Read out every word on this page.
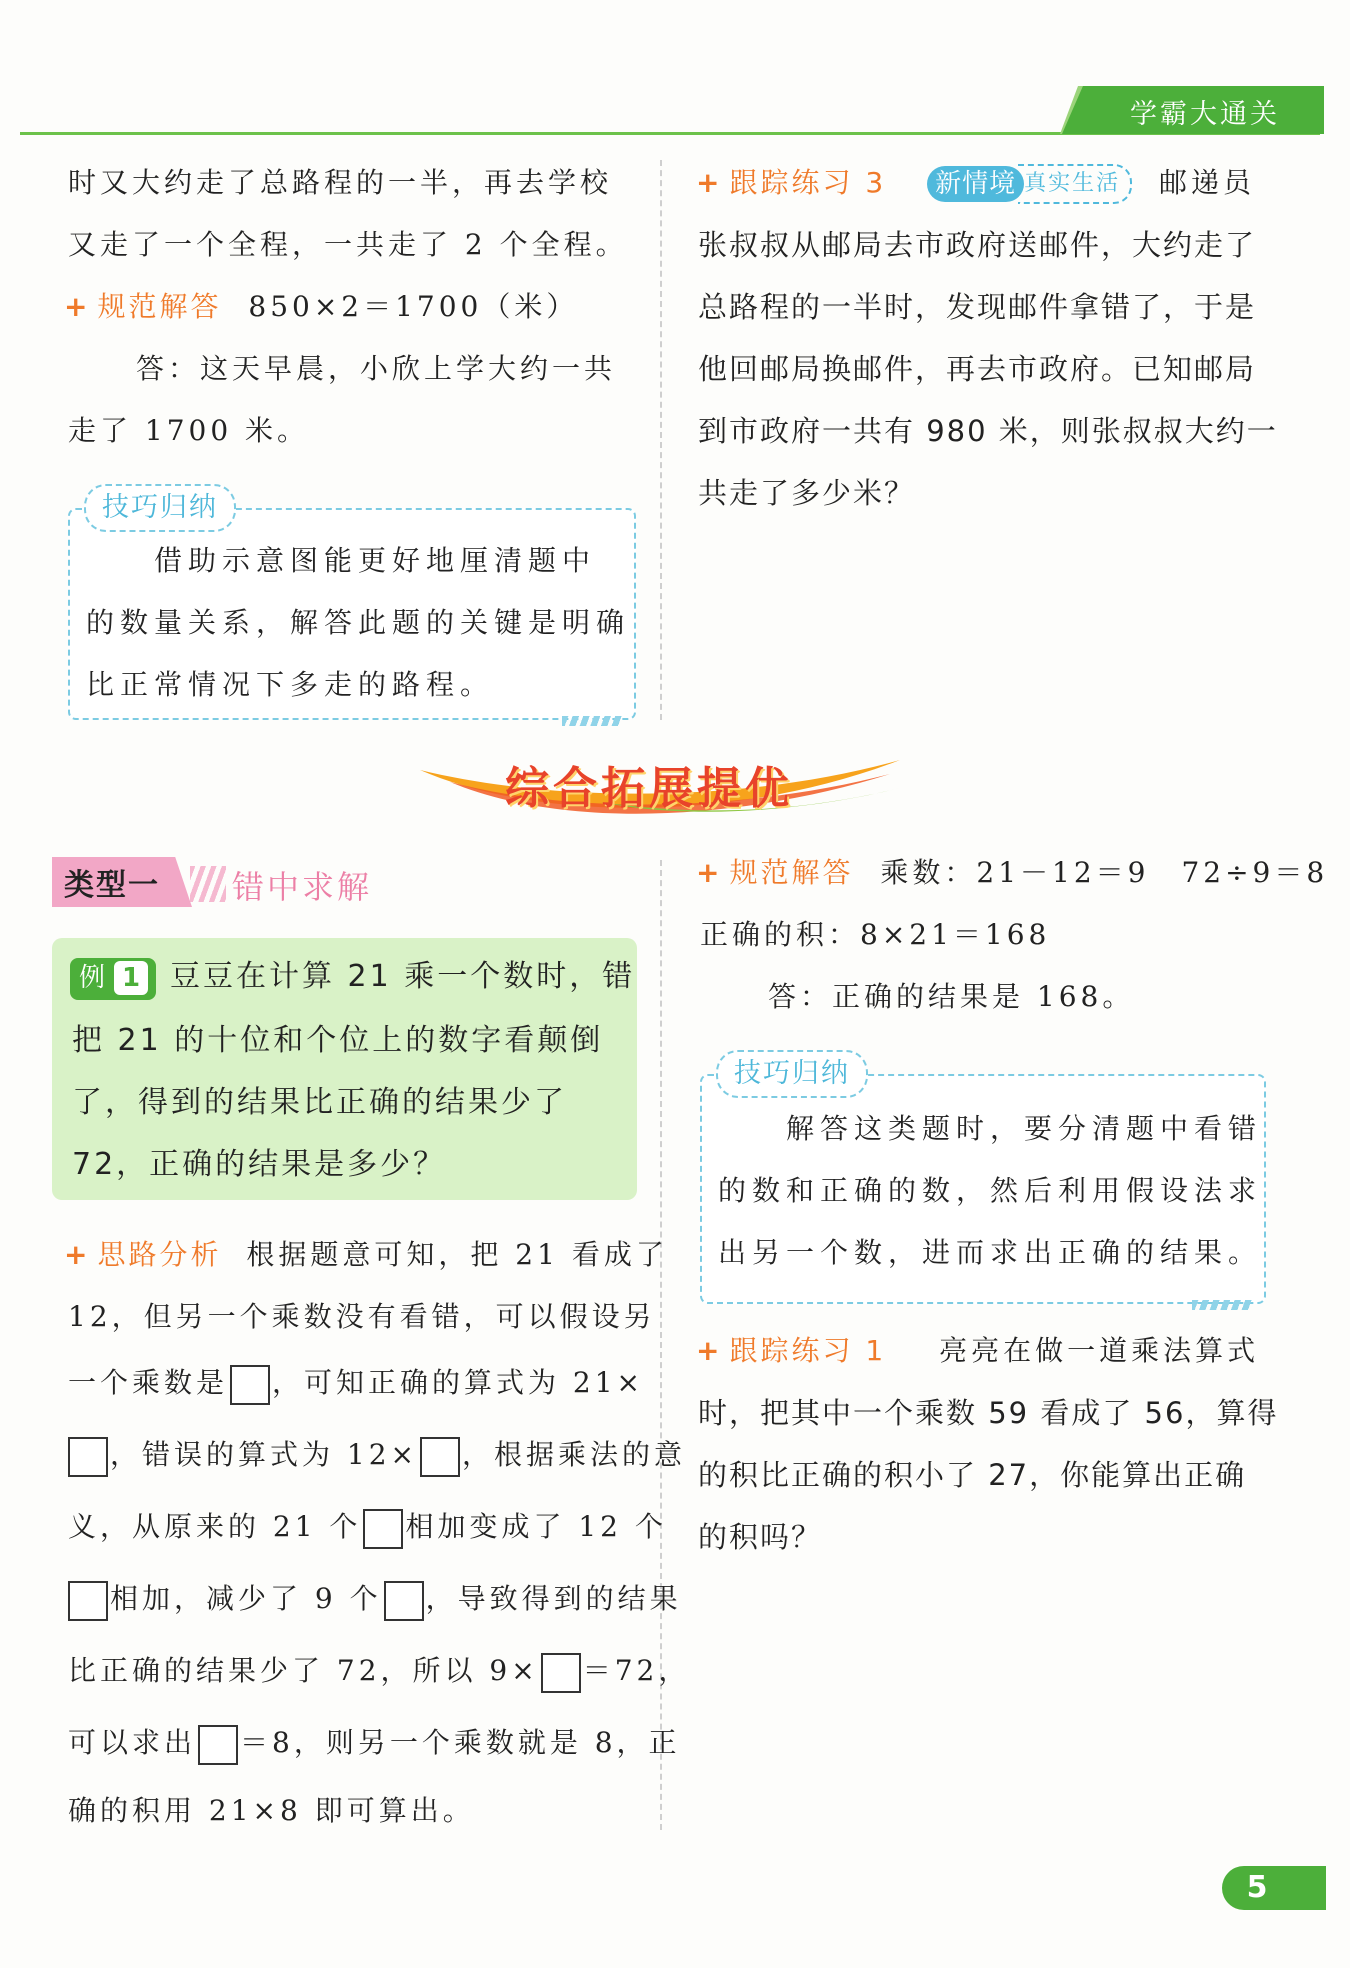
学霸大通关
时又大约走了总路程的一半，再去学校
又走了一个全程，一共走了 2 个全程。
+ 规范解答 850×2＝1700（米）
答：这天早晨，小欣上学大约一共
走了 1700 米。
技巧归纳
借助示意图能更好地厘清题中
的数量关系，解答此题的关键是明确
比正常情况下多走的路程。
+ 跟踪练习 3 新情境 真实生活 邮递员
张叔叔从邮局去市政府送邮件，大约走了
总路程的一半时，发现邮件拿错了，于是
他回邮局换邮件，再去市政府。已知邮局
到市政府一共有 980 米，则张叔叔大约一
共走了多少米？
综合拓展提优
类型一 错中求解
例 1 豆豆在计算 21 乘一个数时，错
把 21 的十位和个位上的数字看颠倒
了，得到的结果比正确的结果少了
72，正确的结果是多少？
+ 思路分析 根据题意可知，把 21 看成了
12，但另一个乘数没有看错，可以假设另
一个乘数是 ，可知正确的算式为 21×
，错误的算式为 12× ，根据乘法的意
义，从原来的 21 个 相加变成了 12 个
相加，减少了 9 个 ，导致得到的结果
比正确的结果少了 72，所以 9× ＝72，
可以求出 ＝8，则另一个乘数就是 8，正
确的积用 21×8 即可算出。
+ 规范解答 乘数：21－12＝9　72÷9＝8
正确的积：8×21＝168
答：正确的结果是 168。
技巧归纳
解答这类题时，要分清题中看错
的数和正确的数，然后利用假设法求
出另一个数，进而求出正确的结果。
+ 跟踪练习 1 亮亮在做一道乘法算式
时，把其中一个乘数 59 看成了 56，算得
的积比正确的积小了 27，你能算出正确
的积吗？
5
